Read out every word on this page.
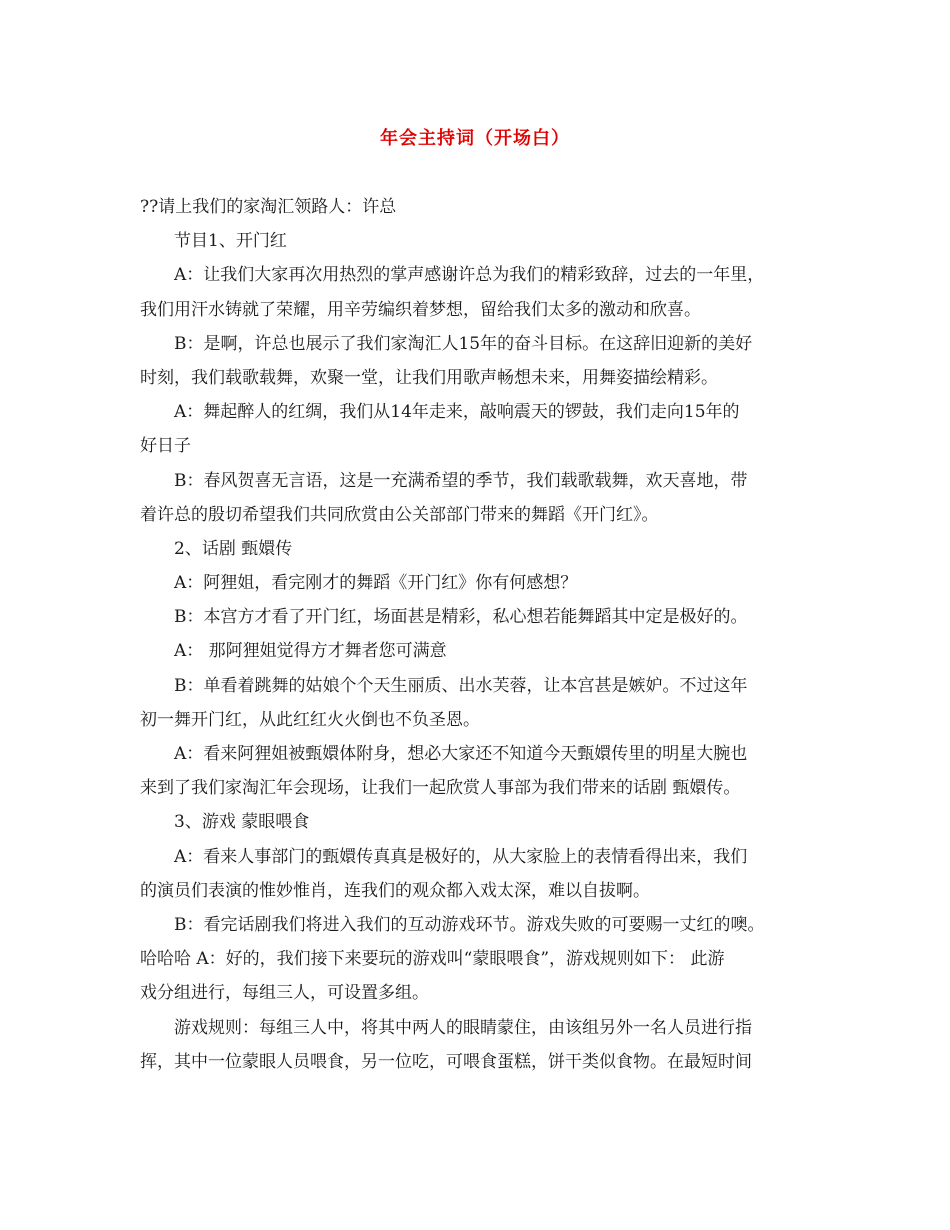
年会主持词（开场白）
??请上我们的家淘汇领路人：许总
节目1、开门红
A：让我们大家再次用热烈的掌声感谢许总为我们的精彩致辞，过去的一年里，
我们用汗水铸就了荣耀，用辛劳编织着梦想，留给我们太多的激动和欣喜。
B：是啊，许总也展示了我们家淘汇人15年的奋斗目标。在这辞旧迎新的美好
时刻，我们载歌载舞，欢聚一堂，让我们用歌声畅想未来，用舞姿描绘精彩。
A：舞起醉人的红绸，我们从14年走来，敲响震天的锣鼓，我们走向15年的
好日子
B：春风贺喜无言语，这是一充满希望的季节，我们载歌载舞，欢天喜地，带
着许总的殷切希望我们共同欣赏由公关部部门带来的舞蹈《开门红》。
2、话剧 甄嬛传
A：阿狸姐，看完刚才的舞蹈《开门红》你有何感想？
B：本宫方才看了开门红，场面甚是精彩，私心想若能舞蹈其中定是极好的。
A： 那阿狸姐觉得方才舞者您可满意
B：单看着跳舞的姑娘个个天生丽质、出水芙蓉，让本宫甚是嫉妒。不过这年
初一舞开门红，从此红红火火倒也不负圣恩。
A：看来阿狸姐被甄嬛体附身，想必大家还不知道今天甄嬛传里的明星大腕也
来到了我们家淘汇年会现场，让我们一起欣赏人事部为我们带来的话剧 甄嬛传。
3、游戏 蒙眼喂食
A：看来人事部门的甄嬛传真真是极好的，从大家脸上的表情看得出来，我们
的演员们表演的惟妙惟肖，连我们的观众都入戏太深，难以自拔啊。
B：看完话剧我们将进入我们的互动游戏环节。游戏失败的可要赐一丈红的噢。
哈哈哈 A：好的，我们接下来要玩的游戏叫“蒙眼喂食”，游戏规则如下： 此游
戏分组进行，每组三人，可设置多组。
游戏规则：每组三人中，将其中两人的眼睛蒙住，由该组另外一名人员进行指
挥，其中一位蒙眼人员喂食，另一位吃，可喂食蛋糕，饼干类似食物。在最短时间
